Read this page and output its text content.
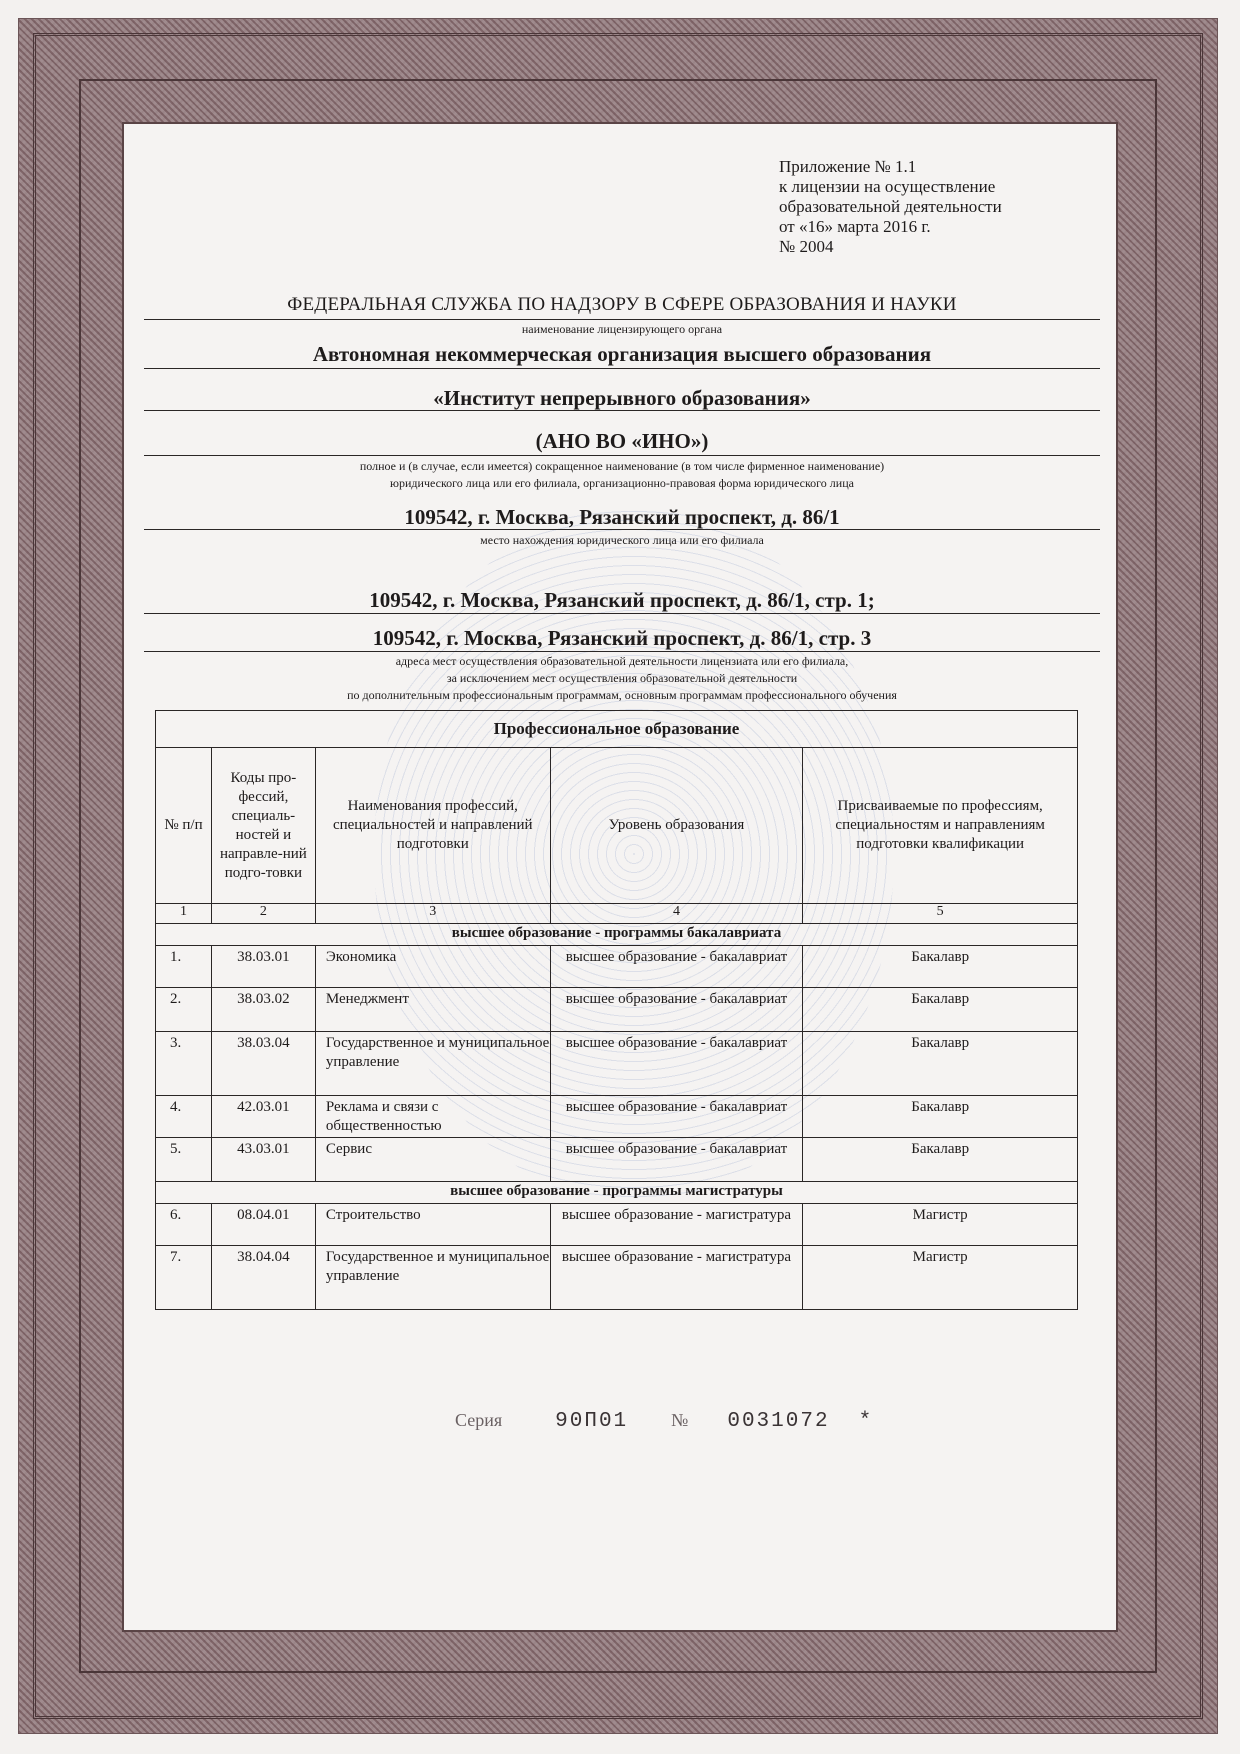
Приложение № 1.1
к лицензии на осуществление
образовательной деятельности
от «16» марта 2016 г.
№ 2004
ФЕДЕРАЛЬНАЯ СЛУЖБА ПО НАДЗОРУ В СФЕРЕ ОБРАЗОВАНИЯ И НАУКИ
наименование лицензирующего органа
Автономная некоммерческая организация высшего образования
«Институт непрерывного образования»
(АНО ВО «ИНО»)
полное и (в случае, если имеется) сокращенное наименование (в том числе фирменное наименование)
юридического лица или его филиала, организационно-правовая форма юридического лица
109542, г. Москва, Рязанский проспект, д. 86/1
место нахождения юридического лица или его филиала
109542, г. Москва, Рязанский проспект, д. 86/1, стр. 1;
109542, г. Москва, Рязанский проспект, д. 86/1, стр. 3
адреса мест осуществления образовательной деятельности лицензиата или его филиала,
за исключением мест осуществления образовательной деятельности
по дополнительным профессиональным программам, основным программам профессионального обучения
Профессиональное образование				
№ п/п	Коды про-фессий, специаль-ностей и направле-ний подго-товки	Наименования профессий, специальностей и направлений подготовки	Уровень образования	Присваиваемые по профессиям, специальностям и направлениям подготовки квалификации
1	2	3	4	5
высшее образование - программы бакалавриата				
1.	38.03.01	Экономика	высшее образование - бакалавриат	Бакалавр
2.	38.03.02	Менеджмент	высшее образование - бакалавриат	Бакалавр
3.	38.03.04	Государственное и муниципальное управление	высшее образование - бакалавриат	Бакалавр
4.	42.03.01	Реклама и связи с общественностью	высшее образование - бакалавриат	Бакалавр
5.	43.03.01	Сервис	высшее образование - бакалавриат	Бакалавр
высшее образование - программы магистратуры				
6.	08.04.01	Строительство	высшее образование - магистратура	Магистр
7.	38.04.04	Государственное и муниципальное управление	высшее образование - магистратура	Магистр
Серия	90П01 № 0031072 *
